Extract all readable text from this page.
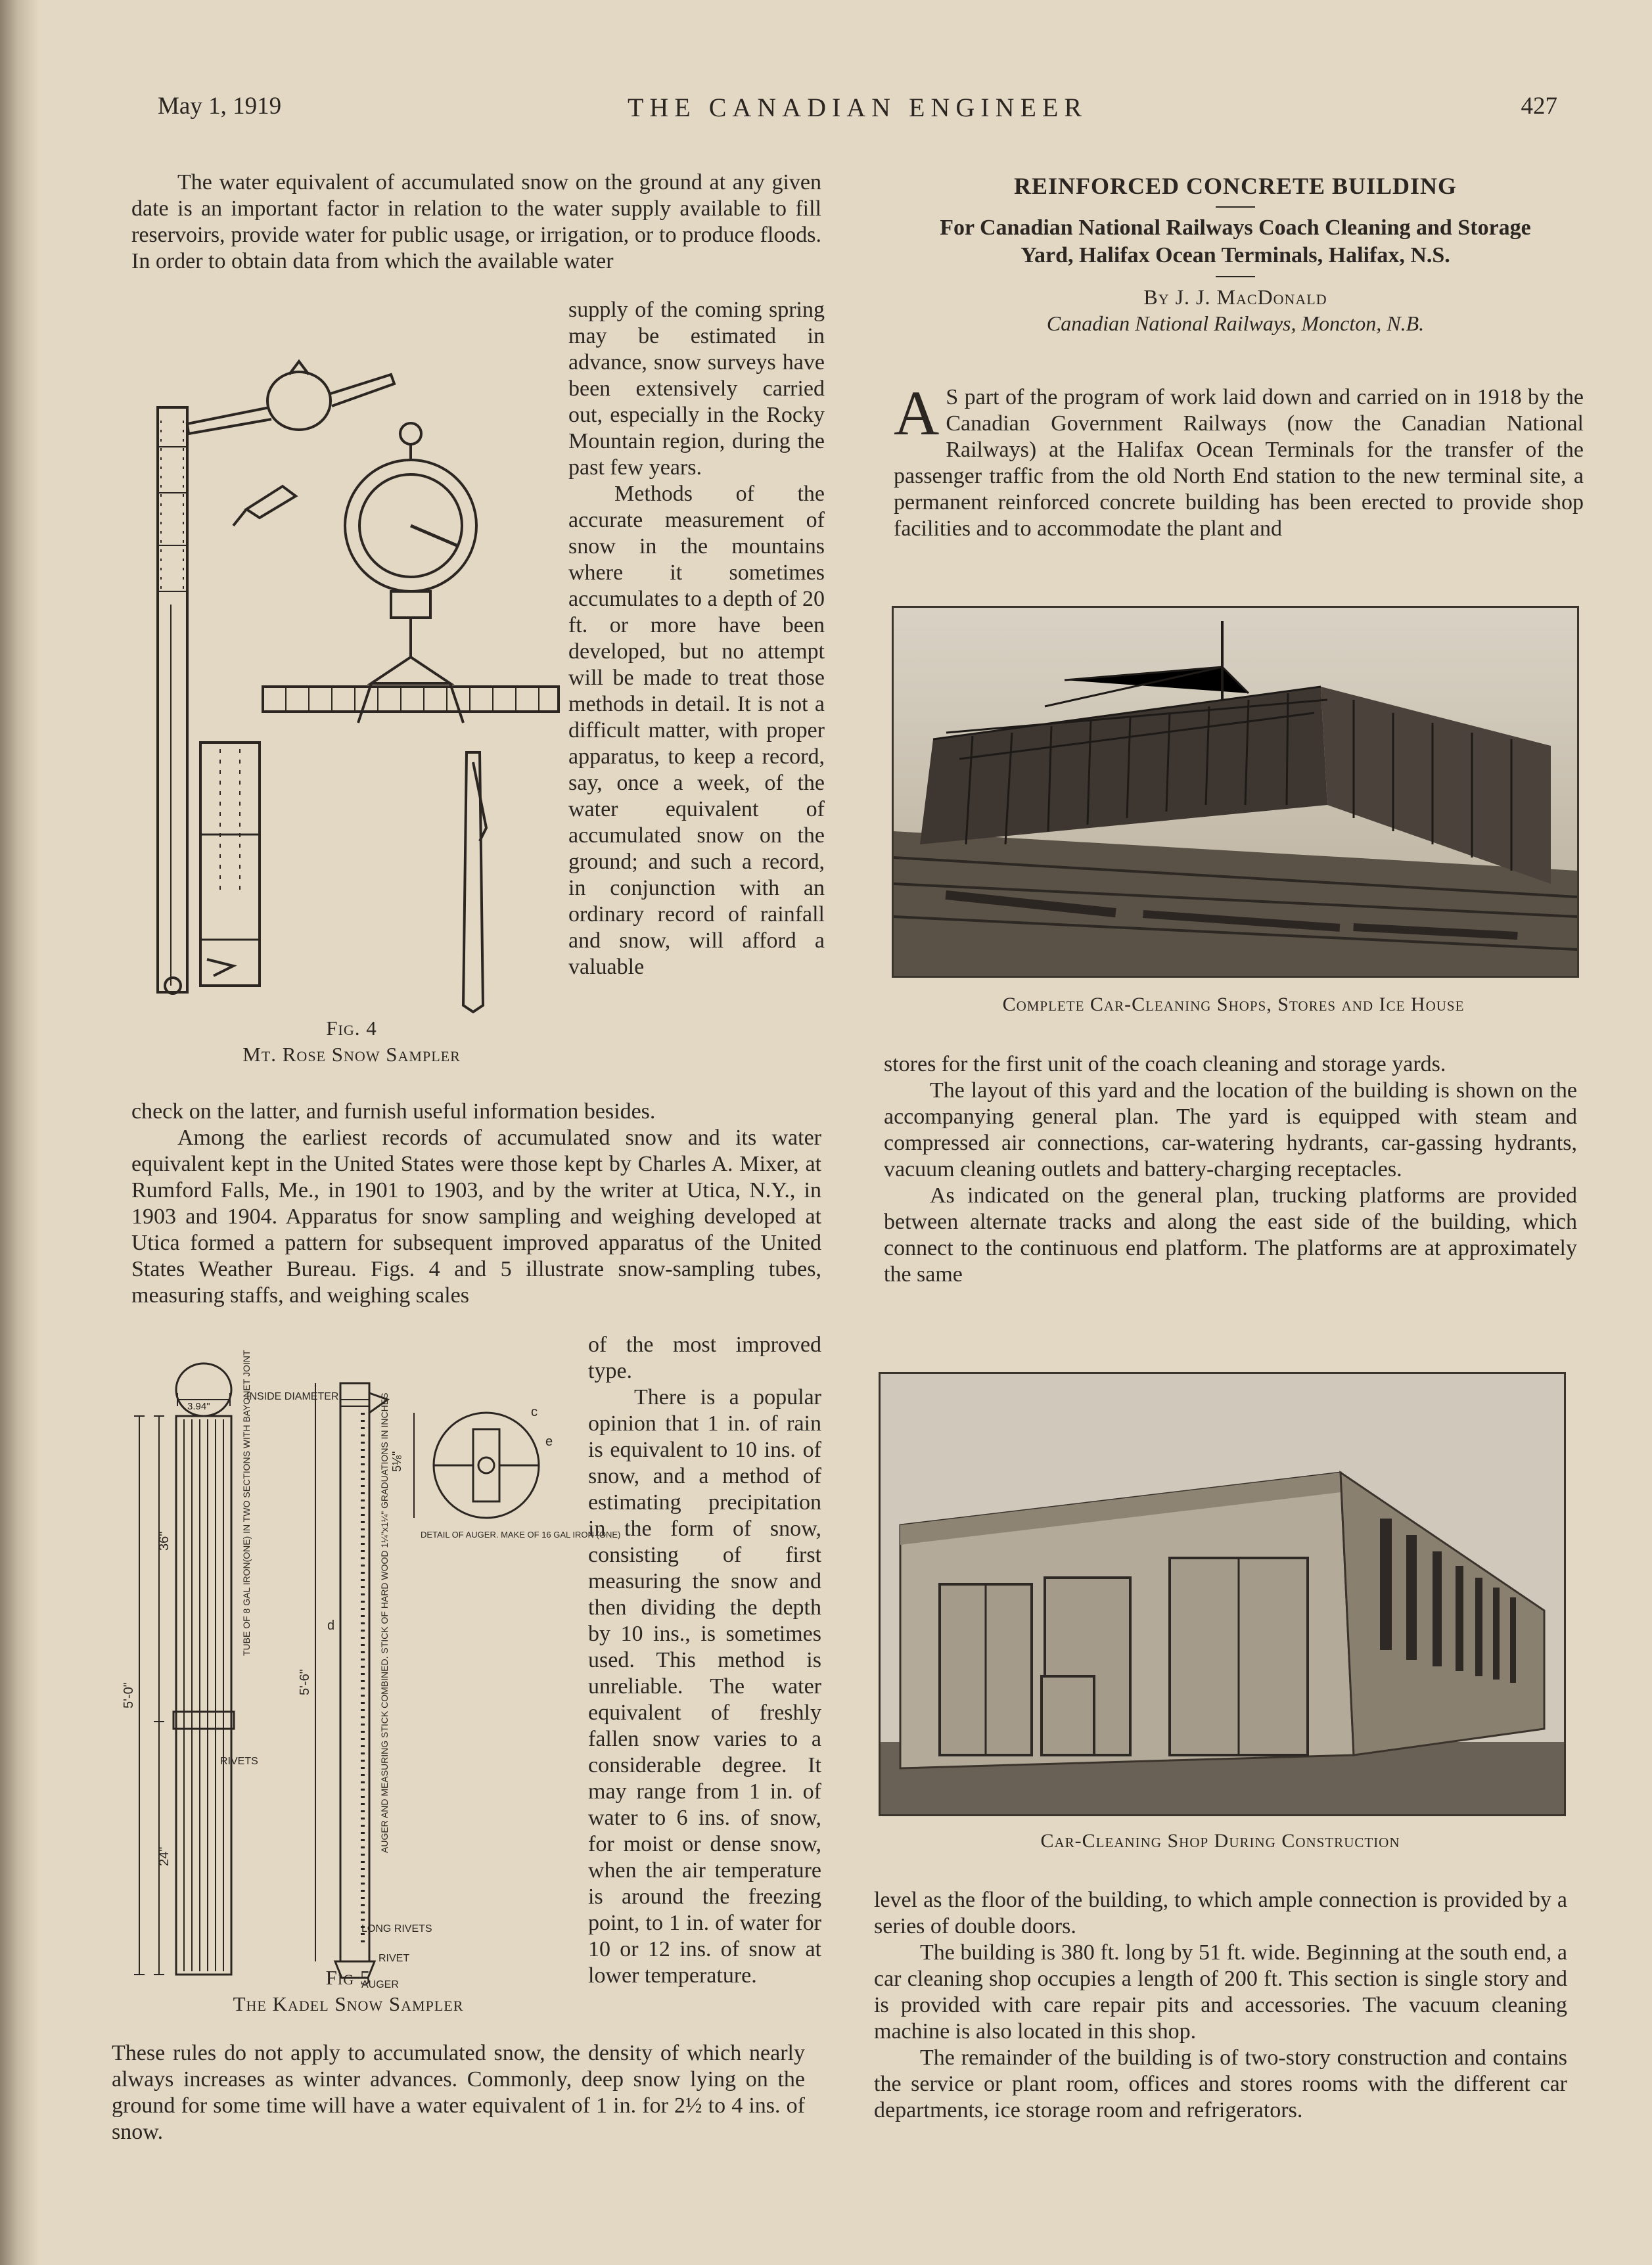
May 1, 1919	THE CANADIAN ENGINEER	427

The water equivalent of accumulated snow on the ground at any given date is an important factor in relation to the water supply available to fill reservoirs, provide water for public usage, or irrigation, or to produce floods. In order to obtain data from which the available water

supply of the coming spring may be estimated in advance, snow surveys have been extensively carried out, especially in the Rocky Mountain region, during the past few years.

Methods of the accurate measurement of snow in the mountains where it sometimes accumulates to a depth of 20 ft. or more have been developed, but no attempt will be made to treat those methods in detail. It is not a difficult matter, with proper apparatus, to keep a record, say, once a week, of the water equivalent of accumulated snow on the ground; and such a record, in conjunction with an ordinary record of rainfall and snow, will afford a valuable

Fig. 4
Mt. Rose Snow Sampler

check on the latter, and furnish useful information besides.

Among the earliest records of accumulated snow and its water equivalent kept in the United States were those kept by Charles A. Mixer, at Rumford Falls, Me., in 1901 to 1903, and by the writer at Utica, N.Y., in 1903 and 1904. Apparatus for snow sampling and weighing developed at Utica formed a pattern for subsequent improved apparatus of the United States Weather Bureau. Figs. 4 and 5 illustrate snow-sampling tubes, measuring staffs, and weighing scales

of the most improved type.

There is a popular opinion that 1 in. of rain is equivalent to 10 ins. of snow, and a method of estimating precipitation in the form of snow, consisting of first measuring the snow and then dividing the depth by 10 ins., is sometimes used. This method is unreliable. The water equivalent of freshly fallen snow varies to a considerable degree. It may range from 1 in. of water to 6 ins. of snow, for moist or dense snow, when the air temperature is around the freezing point, to 1 in. of water for 10 or 12 ins. of snow at lower temperature.

INSIDE DIAMETER
3.94"
5'-0"
36"
24"
TUBE OF 8 GAL IRON(ONE) IN TWO SECTIONS WITH BAYONET JOINT
RIVETS
5'-6"	AUGER AND MEASURING STICK COMBINED. STICK OF HARD WOOD 1¼"x1¼" GRADUATIONS IN INCHES
LONG RIVETS
RIVET
AUGER
5⅛"
DETAIL OF AUGER. MAKE OF 16 GAL IRON (ONE)
c
e
d
Fig 5
The Kadel Snow Sampler

These rules do not apply to accumulated snow, the density of which nearly always increases as winter advances. Commonly, deep snow lying on the ground for some time will have a water equivalent of 1 in. for 2½ to 4 ins. of snow.

REINFORCED CONCRETE BUILDING
For Canadian National Railways Coach Cleaning and Storage
Yard, Halifax Ocean Terminals, Halifax, N.S.
By J. J. MacDonald
Canadian National Railways, Moncton, N.B.

A S part of the program of work laid down and carried on in 1918 by the Canadian Government Railways (now the Canadian National Railways) at the Halifax Ocean Terminals for the transfer of the passenger traffic from the old North End station to the new terminal site, a permanent reinforced concrete building has been erected to provide shop facilities and to accommodate the plant and

Complete Car-Cleaning Shops, Stores and Ice House

stores for the first unit of the coach cleaning and storage yards.

The layout of this yard and the location of the building is shown on the accompanying general plan. The yard is equipped with steam and compressed air connections, car-watering hydrants, car-gassing hydrants, vacuum cleaning outlets and battery-charging receptacles.

As indicated on the general plan, trucking platforms are provided between alternate tracks and along the east side of the building, which connect to the continuous end platform. The platforms are at approximately the same

Car-Cleaning Shop During Construction

level as the floor of the building, to which ample connection is provided by a series of double doors.

The building is 380 ft. long by 51 ft. wide. Beginning at the south end, a car cleaning shop occupies a length of 200 ft. This section is single story and is provided with care repair pits and accessories. The vacuum cleaning machine is also located in this shop.

The remainder of the building is of two-story construction and contains the service or plant room, offices and stores rooms with the different car departments, ice storage room and refrigerators.
